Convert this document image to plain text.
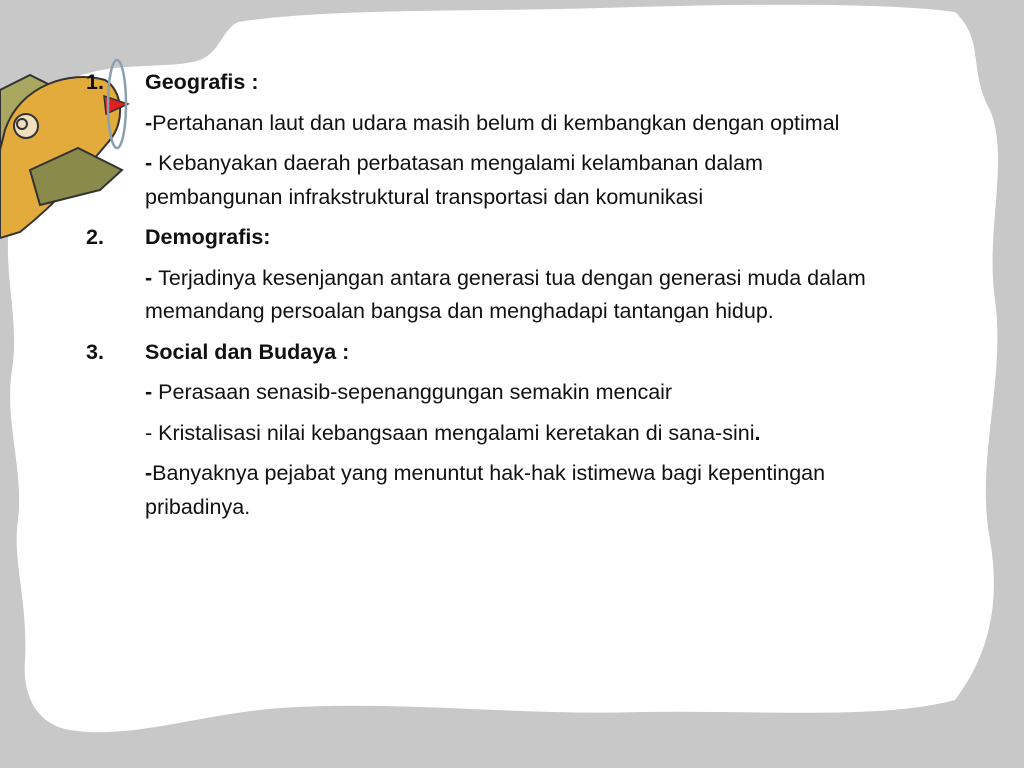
1.	Geografis :

-Pertahanan laut dan udara masih belum di kembangkan dengan optimal

- Kebanyakan daerah perbatasan mengalami kelambanan dalam pembangunan infrakstruktural transportasi dan komunikasi

2.	Demografis:

- Terjadinya kesenjangan antara generasi tua dengan generasi muda dalam memandang persoalan bangsa dan menghadapi tantangan hidup.

3.	Social dan Budaya :

- Perasaan senasib-sepenanggungan semakin mencair

- Kristalisasi nilai kebangsaan mengalami keretakan di sana-sini.

-Banyaknya pejabat yang menuntut hak-hak istimewa bagi kepentingan pribadinya.
